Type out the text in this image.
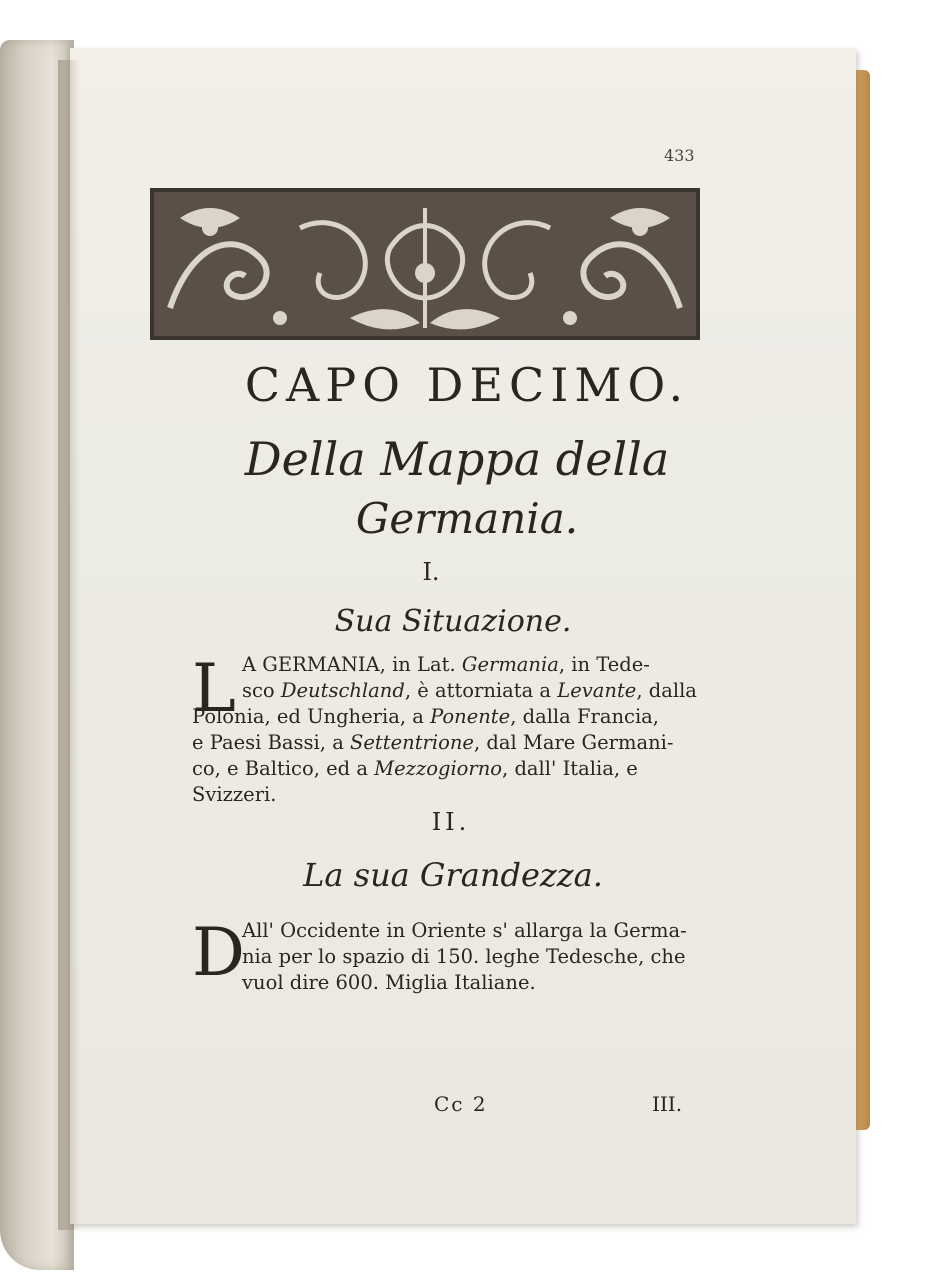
433
CAPO DECIMO.
Della Mappa della
Germania.
I.
Sua Situazione.
L A GERMANIA, in Lat. Germania, in Tede-
sco Deutschland, è attorniata a Levante, dalla
Polonia, ed Ungheria, a Ponente, dalla Francia,
e Paesi Bassi, a Settentrione, dal Mare Germani-
co, e Baltico, ed a Mezzogiorno, dall' Italia, e
Svizzeri.
II.
La sua Grandezza.
D
All' Occidente in Oriente s' allarga la Germa-
nia per lo spazio di 150. leghe Tedesche, che
vuol dire 600. Miglia Italiane.
Cc 2	III.
